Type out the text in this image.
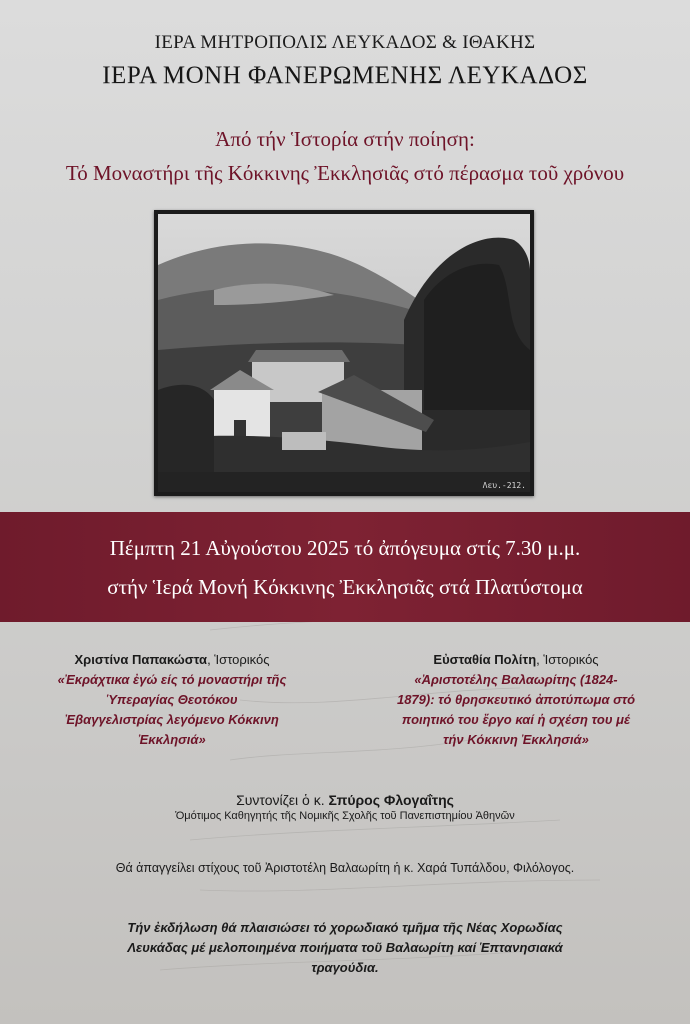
ΙΕΡΑ ΜΗΤΡΟΠΟΛΙΣ ΛΕΥΚΑΔΟΣ & ΙΘΑΚΗΣ
ΙΕΡΑ ΜΟΝΗ ΦΑΝΕΡΩΜΕΝΗΣ ΛΕΥΚΑΔΟΣ
Ἀπό τήν Ἱστορία στήν ποίηση:
Τό Μοναστήρι τῆς Κόκκινης Ἐκκλησιᾶς στό πέρασμα τοῦ χρόνου
Λευ.-212.
Πέμπτη 21 Αὐγούστου 2025 τό ἀπόγευμα στίς 7.30 μ.μ.
στήν Ἱερά Μονή Κόκκινης Ἐκκλησιᾶς στά Πλατύστομα
Χριστίνα Παπακώστα, Ἱστορικός
«Ἐκράχτικα ἐγώ είς τό μοναστήρι τῆς
Ὑπεραγίας Θεοτόκου
Ἐβαγγελιστρίας λεγόμενο Κόκκινη
Ἐκκλησιά»
Εὐσταθία Πολίτη, Ἱστορικός
«Ἀριστοτέλης Βαλαωρίτης (1824-
1879): τό θρησκευτικό ἀποτύπωμα στό
ποιητικό του ἔργο καί ἡ σχέση του μέ
τήν Κόκκινη Ἐκκλησιά»
Συντονίζει ὁ κ. Σπύρος Φλογαΐτης
Ὁμότιμος Καθηγητής τῆς Νομικῆς Σχολῆς τοῦ Πανεπιστημίου Ἀθηνῶν
Θά ἀπαγγείλει στίχους τοῦ Ἀριστοτέλη Βαλαωρίτη ἡ κ. Χαρά Τυπάλδου, Φιλόλογος.
Τήν ἐκδήλωση θά πλαισιώσει τό χορωδιακό τμῆμα τῆς Νέας Χορωδίας
Λευκάδας μέ μελοποιημένα ποιήματα τοῦ Βαλαωρίτη καί Ἑπτανησιακά
τραγούδια.
